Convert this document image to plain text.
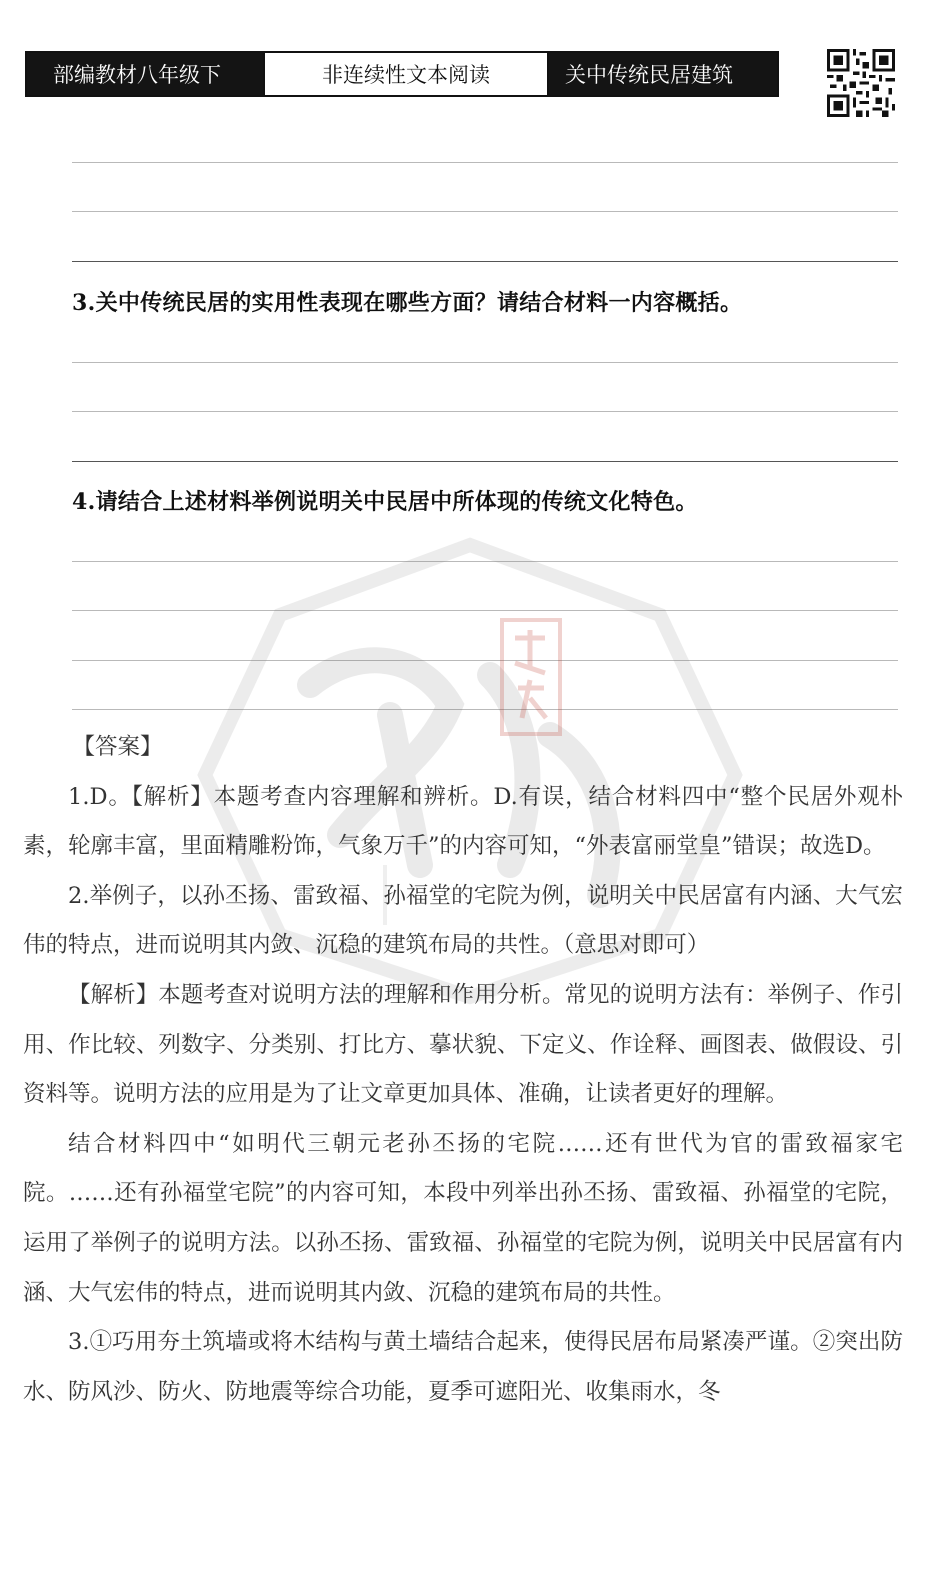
部编教材八年级下	非连续性文本阅读	关中传统民居建筑
3.关中传统民居的实用性表现在哪些方面？请结合材料一内容概括。
4.请结合上述材料举例说明关中民居中所体现的传统文化特色。

【答案】

1.D。【解析】本题考查内容理解和辨析。D.有误，结合材料四中“整个民居外观朴素，轮廓丰富，里面精雕粉饰，气象万千”的内容可知，“外表富丽堂皇”错误；故选D。

2.举例子，以孙丕扬、雷致福、孙福堂的宅院为例，说明关中民居富有内涵、大气宏伟的特点，进而说明其内敛、沉稳的建筑布局的共性。（意思对即可）

【解析】本题考查对说明方法的理解和作用分析。常见的说明方法有：举例子、作引用、作比较、列数字、分类别、打比方、摹状貌、下定义、作诠释、画图表、做假设、引资料等。说明方法的应用是为了让文章更加具体、准确，让读者更好的理解。

结合材料四中“如明代三朝元老孙丕扬的宅院……还有世代为官的雷致福家宅院。……还有孙福堂宅院”的内容可知，本段中列举出孙丕扬、雷致福、孙福堂的宅院，运用了举例子的说明方法。以孙丕扬、雷致福、孙福堂的宅院为例，说明关中民居富有内涵、大气宏伟的特点，进而说明其内敛、沉稳的建筑布局的共性。

3.①巧用夯土筑墙或将木结构与黄土墙结合起来，使得民居布局紧凑严谨。②突出防水、防风沙、防火、防地震等综合功能，夏季可遮阳光、收集雨水，冬
